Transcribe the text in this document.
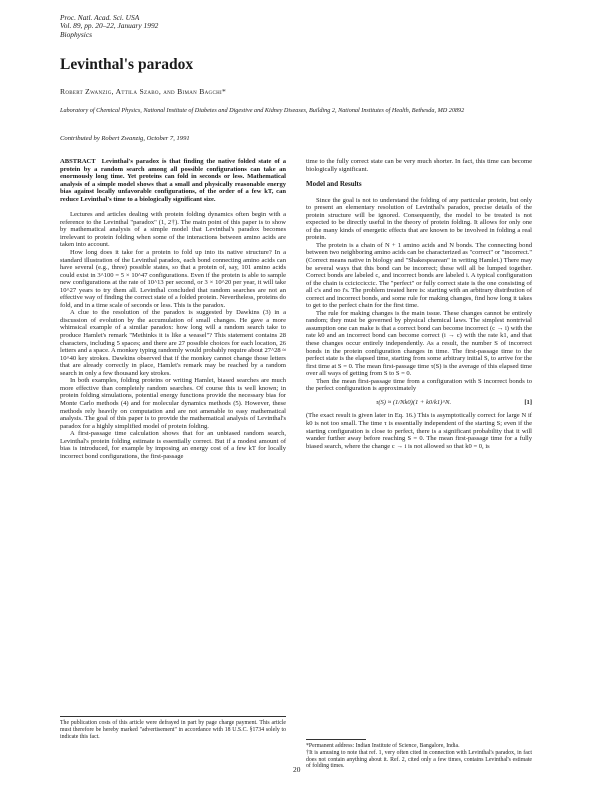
Proc. Natl. Acad. Sci. USA
Vol. 89, pp. 20–22, January 1992
Biophysics
Levinthal's paradox
Robert Zwanzig, Attila Szabo, and Biman Bagchi*
Laboratory of Chemical Physics, National Institute of Diabetes and Digestive and Kidney Diseases, Building 2, National Institutes of Health, Bethesda, MD 20892
Contributed by Robert Zwanzig, October 7, 1991

ABSTRACT Levinthal's paradox is that finding the native folded state of a protein by a random search among all possible configurations can take an enormously long time. Yet proteins can fold in seconds or less. Mathematical analysis of a simple model shows that a small and physically reasonable energy bias against locally unfavorable configurations, of the order of a few kT, can reduce Levinthal's time to a biologically significant size.

Lectures and articles dealing with protein folding dynamics often begin with a reference to the Levinthal "paradox" (1, 2†). The main point of this paper is to show by mathematical analysis of a simple model that Levinthal's paradox becomes irrelevant to protein folding when some of the interactions between amino acids are taken into account.

How long does it take for a protein to fold up into its native structure? In a standard illustration of the Levinthal paradox, each bond connecting amino acids can have several (e.g., three) possible states, so that a protein of, say, 101 amino acids could exist in 3^100 = 5 × 10^47 configurations. Even if the protein is able to sample new configurations at the rate of 10^13 per second, or 3 × 10^20 per year, it will take 10^27 years to try them all. Levinthal concluded that random searches are not an effective way of finding the correct state of a folded protein. Nevertheless, proteins do fold, and in a time scale of seconds or less. This is the paradox.

A clue to the resolution of the paradox is suggested by Dawkins (3) in a discussion of evolution by the accumulation of small changes. He gave a more whimsical example of a similar paradox: how long will a random search take to produce Hamlet's remark "Methinks it is like a weasel"? This statement contains 28 characters, including 5 spaces; and there are 27 possible choices for each location, 26 letters and a space. A monkey typing randomly would probably require about 27^28 ≈ 10^40 key strokes. Dawkins observed that if the monkey cannot change those letters that are already correctly in place, Hamlet's remark may be reached by a random search in only a few thousand key strokes.

In both examples, folding proteins or writing Hamlet, biased searches are much more effective than completely random searches. Of course this is well known; in protein folding simulations, potential energy functions provide the necessary bias for Monte Carlo methods (4) and for molecular dynamics methods (5). However, these methods rely heavily on computation and are not amenable to easy mathematical analysis. The goal of this paper is to provide the mathematical analysis of Levinthal's paradox for a highly simplified model of protein folding.

A first-passage time calculation shows that for an unbiased random search, Levinthal's protein folding estimate is essentially correct. But if a modest amount of bias is introduced, for example by imposing an energy cost of a few kT for locally incorrect bond configurations, the first-passage

time to the fully correct state can be very much shorter. In fact, this time can become biologically significant.

Model and Results

Since the goal is not to understand the folding of any particular protein, but only to present an elementary resolution of Levinthal's paradox, precise details of the protein structure will be ignored. Consequently, the model to be treated is not expected to be directly useful in the theory of protein folding. It allows for only one of the many kinds of energetic effects that are known to be involved in folding a real protein.

The protein is a chain of N + 1 amino acids and N bonds. The connecting bond between two neighboring amino acids can be characterized as "correct" or "incorrect." (Correct means native in biology and "Shakespearean" in writing Hamlet.) There may be several ways that this bond can be incorrect; these will all be lumped together. Correct bonds are labeled c, and incorrect bonds are labeled i. A typical configuration of the chain is ccicicciccic. The "perfect" or fully correct state is the one consisting of all c's and no i's. The problem treated here is: starting with an arbitrary distribution of correct and incorrect bonds, and some rule for making changes, find how long it takes to get to the perfect chain for the first time.

The rule for making changes is the main issue. These changes cannot be entirely random; they must be governed by physical chemical laws. The simplest nontrivial assumption one can make is that a correct bond can become incorrect (c → i) with the rate k0 and an incorrect bond can become correct (i → c) with the rate k1, and that these changes occur entirely independently. As a result, the number S of incorrect bonds in the protein configuration changes in time. The first-passage time to the perfect state is the elapsed time, starting from some arbitrary initial S, to arrive for the first time at S = 0. The mean first-passage time τ(S) is the average of this elapsed time over all ways of getting from S to S = 0.

Then the mean first-passage time from a configuration with S incorrect bonds to the perfect configuration is approximately

τ(S) ≈ (1/Nk0)(1 + k0/k1)^N.	[1]

(The exact result is given later in Eq. 16.) This is asymptotically correct for large N if k0 is not too small. The time τ is essentially independent of the starting S; even if the starting configuration is close to perfect, there is a significant probability that it will wander further away before reaching S = 0. The mean first-passage time for a fully biased search, where the change c → i is not allowed so that k0 = 0, is

The publication costs of this article were defrayed in part by page charge payment. This article must therefore be hereby marked "advertisement" in accordance with 18 U.S.C. §1734 solely to indicate this fact.

*Permanent address: Indian Institute of Science, Bangalore, India.

†It is amusing to note that ref. 1, very often cited in connection with Levinthal's paradox, in fact does not contain anything about it. Ref. 2, cited only a few times, contains Levinthal's estimate of folding times.

20
